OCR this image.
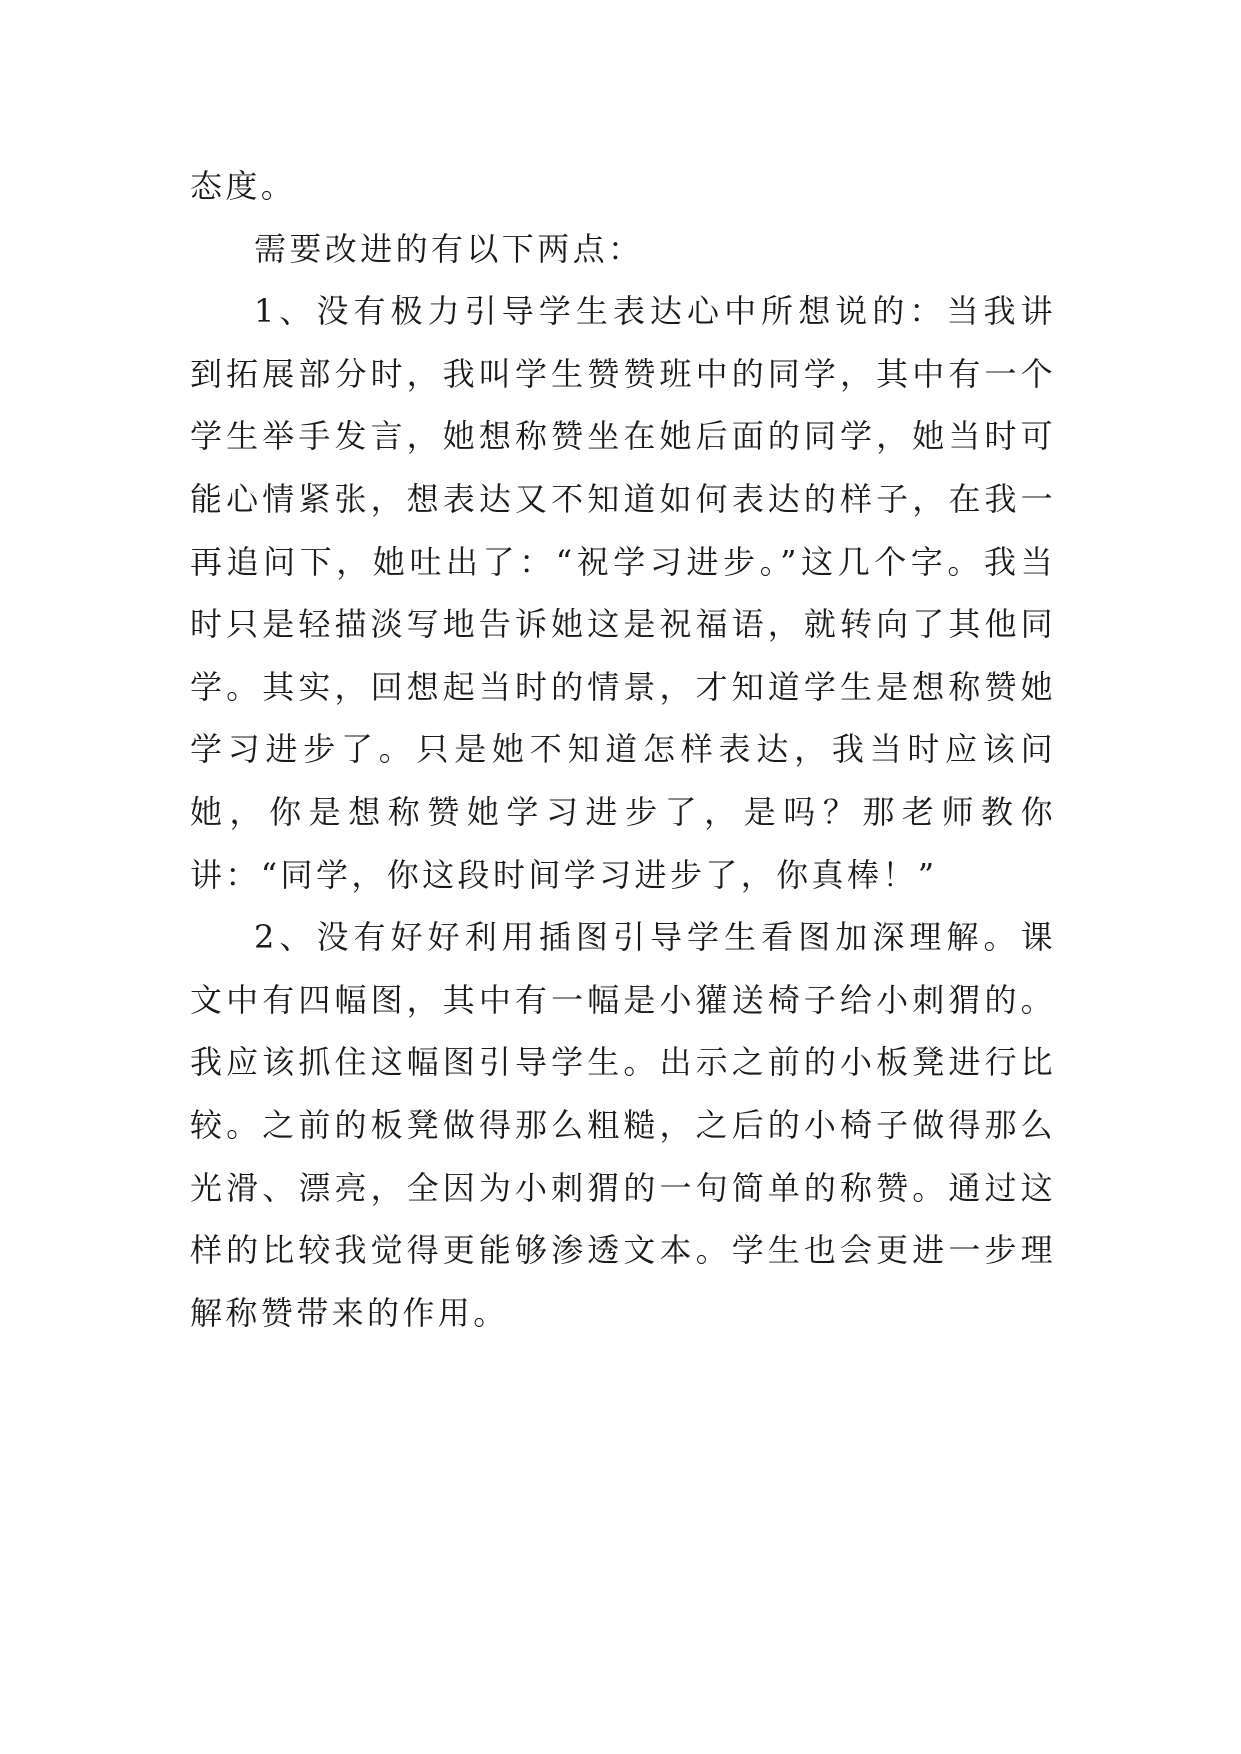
态度。

需要改进的有以下两点：

1、没有极力引导学生表达心中所想说的：当我讲到拓展部分时，我叫学生赞赞班中的同学，其中有一个学生举手发言，她想称赞坐在她后面的同学，她当时可能心情紧张，想表达又不知道如何表达的样子，在我一再追问下，她吐出了：“祝学习进步。”这几个字。我当时只是轻描淡写地告诉她这是祝福语，就转向了其他同学。其实，回想起当时的情景，才知道学生是想称赞她学习进步了。只是她不知道怎样表达，我当时应该问她，你是想称赞她学习进步了，是吗？那老师教你讲：“同学，你这段时间学习进步了，你真棒！”

2、没有好好利用插图引导学生看图加深理解。课文中有四幅图，其中有一幅是小獾送椅子给小刺猬的。我应该抓住这幅图引导学生。出示之前的小板凳进行比较。之前的板凳做得那么粗糙，之后的小椅子做得那么光滑、漂亮，全因为小刺猬的一句简单的称赞。通过这样的比较我觉得更能够渗透文本。学生也会更进一步理解称赞带来的作用。
